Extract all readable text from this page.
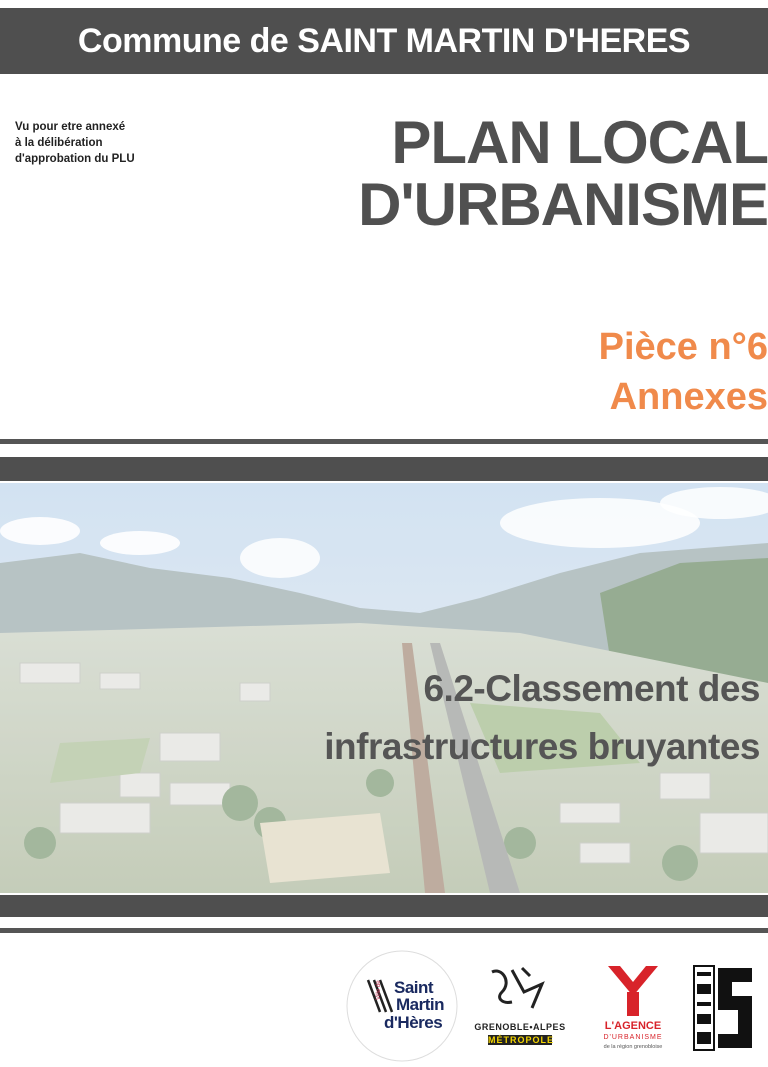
Commune de SAINT MARTIN D'HERES
Vu pour etre annexé
à la délibération
d'approbation du PLU	PLAN LOCAL
D'URBANISME
Pièce n°6
Annexes
6.2-Classement des
infrastructures bruyantes
Ville de Saint
Martin
d'Hères	GRENOBLE•ALPES
MÉTROPOLE
L'AGENCE
D'URBANISME
de la région grenobloise
